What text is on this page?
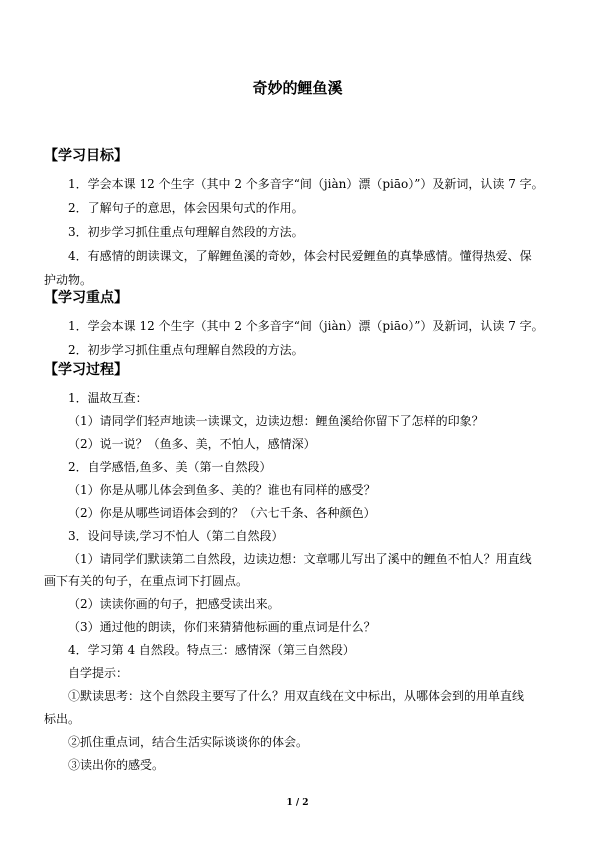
奇妙的鲤鱼溪
【学习目标】
1．学会本课 12 个生字（其中 2 个多音字“间（jiàn）漂（piāo）”）及新词，认读 7 字。
2．了解句子的意思，体会因果句式的作用。
3．初步学习抓住重点句理解自然段的方法。
4．有感情的朗读课文，了解鲤鱼溪的奇妙，体会村民爱鲤鱼的真挚感情。懂得热爱、保
护动物。
【学习重点】
1．学会本课 12 个生字（其中 2 个多音字“间（jiàn）漂（piāo）”）及新词，认读 7 字。
2．初步学习抓住重点句理解自然段的方法。
【学习过程】
1．温故互查：
（1）请同学们轻声地读一读课文，边读边想：鲤鱼溪给你留下了怎样的印象？
（2）说一说？（鱼多、美，不怕人，感情深）
2．自学感悟,鱼多、美（第一自然段）
（1）你是从哪儿体会到鱼多、美的？谁也有同样的感受？
（2）你是从哪些词语体会到的？（六七千条、各种颜色）
3．设问导读,学习不怕人（第二自然段）
（1）请同学们默读第二自然段，边读边想：文章哪儿写出了溪中的鲤鱼不怕人？用直线
画下有关的句子，在重点词下打圆点。
（2）读读你画的句子，把感受读出来。
（3）通过他的朗读，你们来猜猜他标画的重点词是什么？
4．学习第 4 自然段。特点三：感情深（第三自然段）
自学提示：
①默读思考：这个自然段主要写了什么？用双直线在文中标出，从哪体会到的用单直线
标出。
②抓住重点词，结合生活实际谈谈你的体会。
③读出你的感受。
1 / 2
